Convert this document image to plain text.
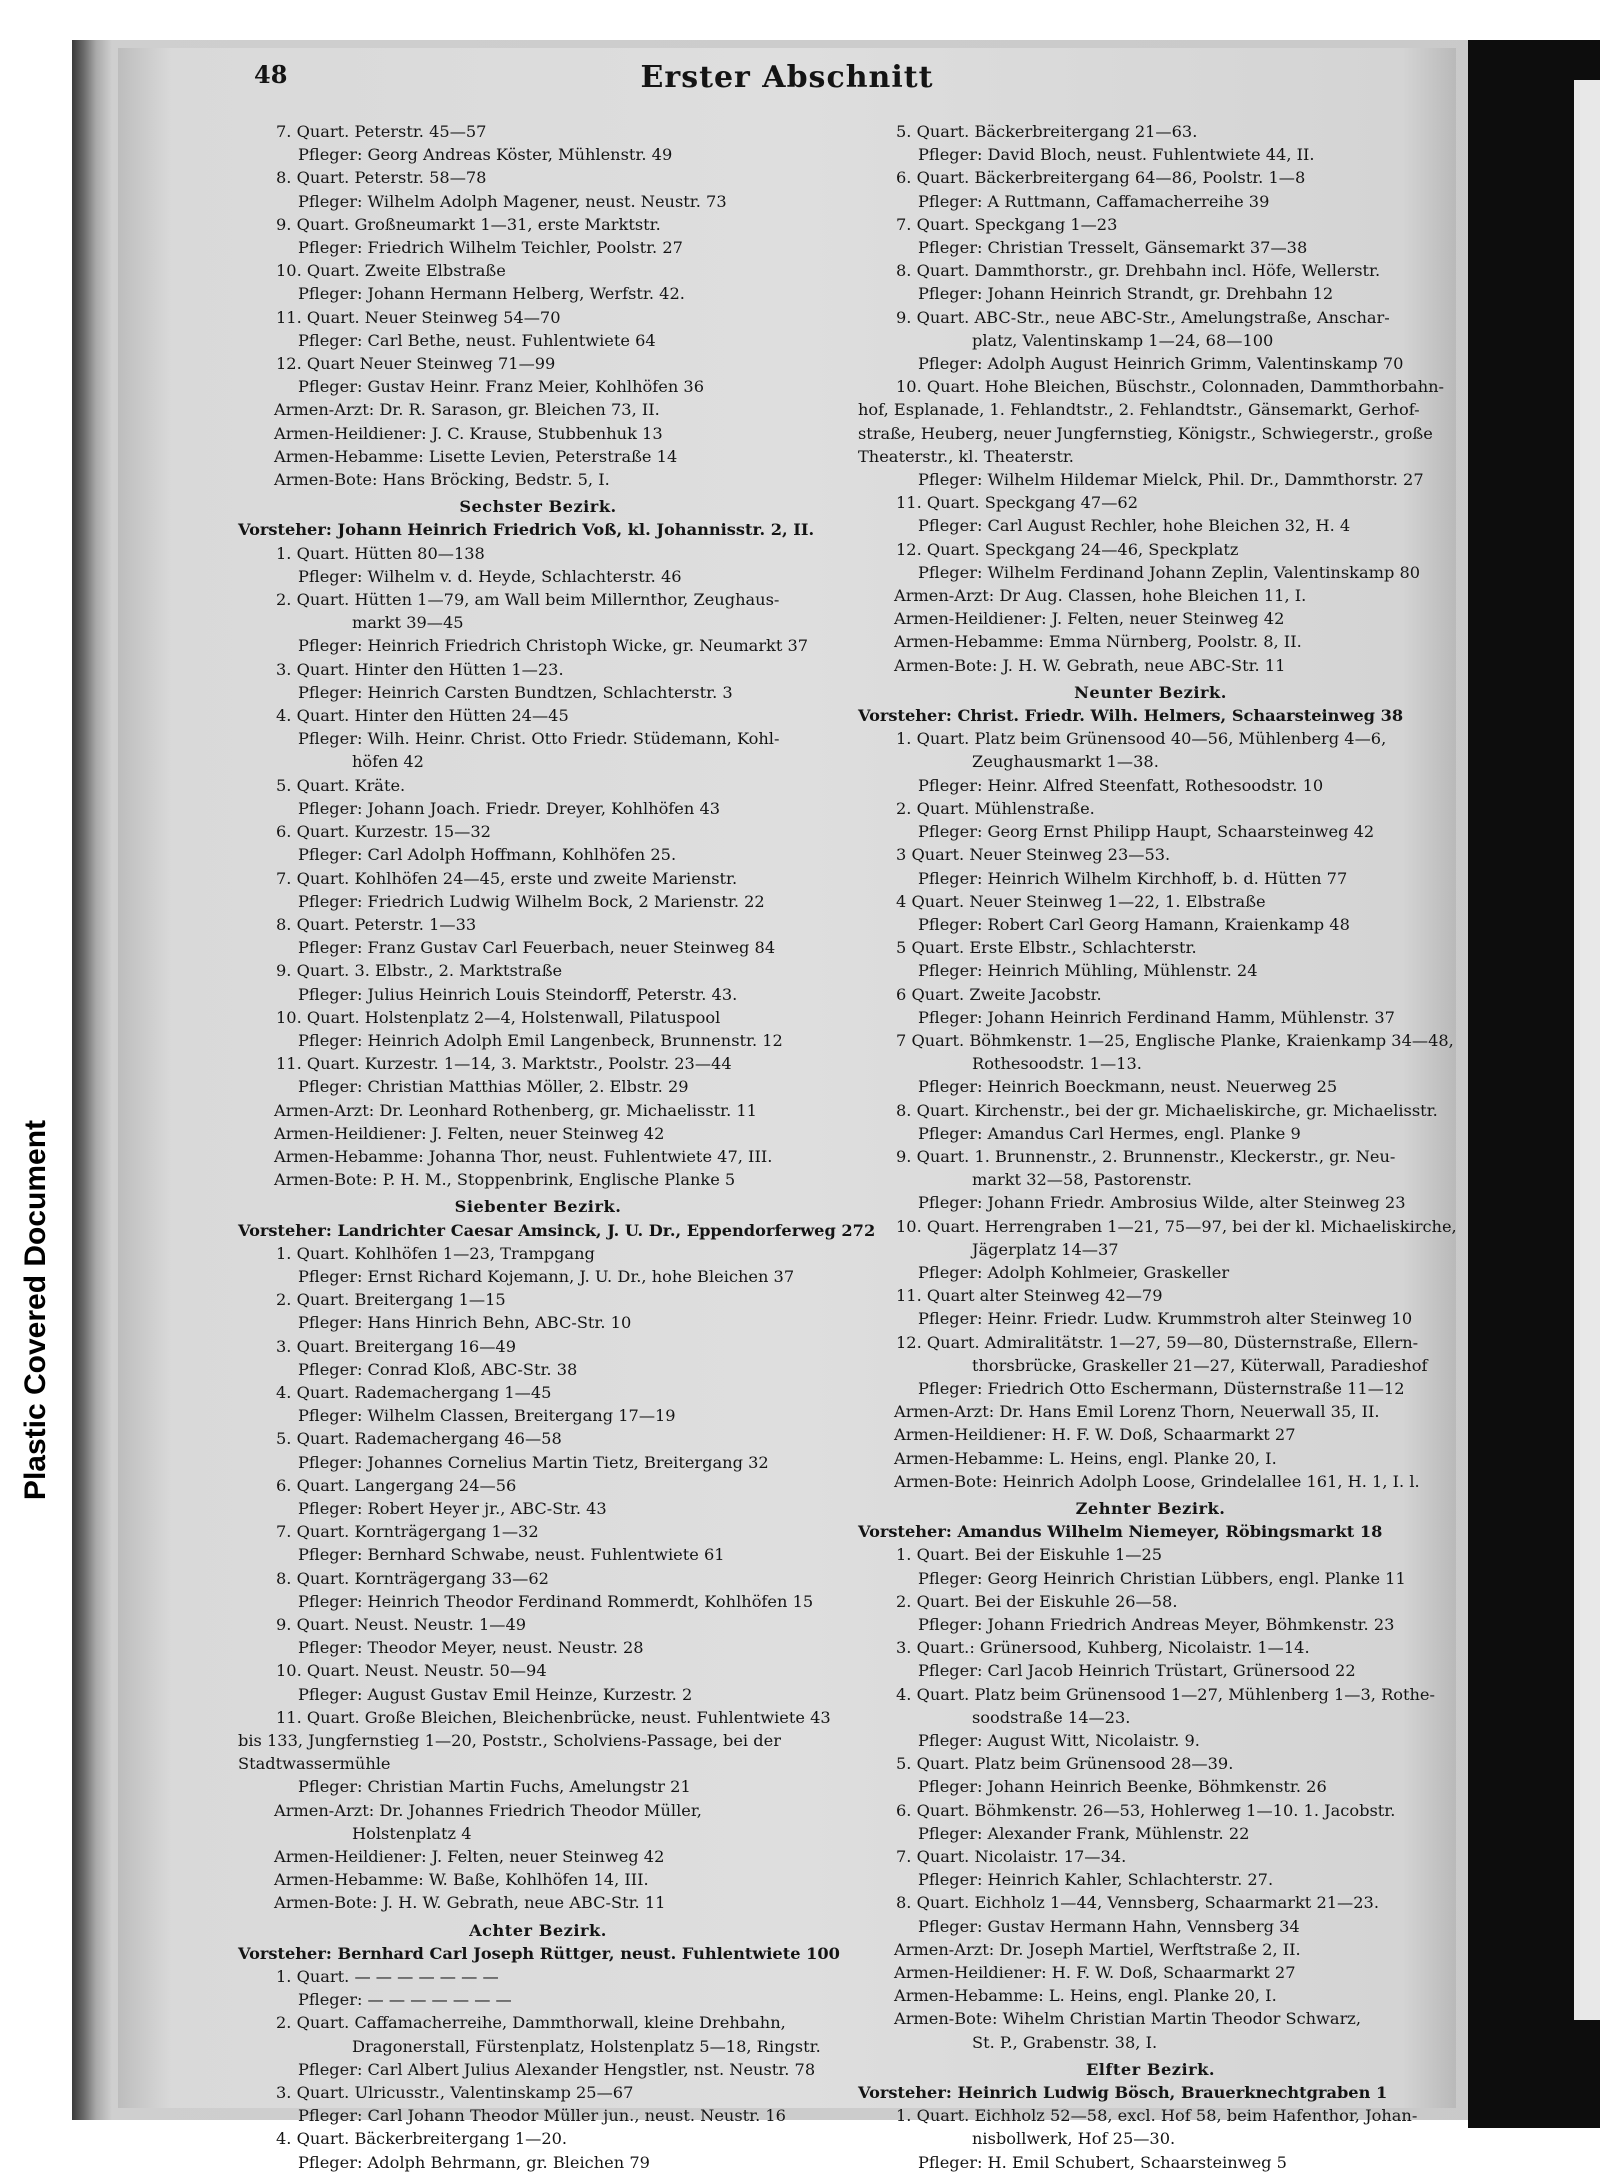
Plastic Covered Document
48	Erster Abschnitt
7. Quart. Peterstr. 45—57
Pfleger: Georg Andreas Köster, Mühlenstr. 49
8. Quart. Peterstr. 58—78
Pfleger: Wilhelm Adolph Magener, neust. Neustr. 73
9. Quart. Großneumarkt 1—31, erste Marktstr.
Pfleger: Friedrich Wilhelm Teichler, Poolstr. 27
10. Quart. Zweite Elbstraße
Pfleger: Johann Hermann Helberg, Werfstr. 42.
11. Quart. Neuer Steinweg 54—70
Pfleger: Carl Bethe, neust. Fuhlentwiete 64
12. Quart Neuer Steinweg 71—99
Pfleger: Gustav Heinr. Franz Meier, Kohlhöfen 36
Armen-Arzt: Dr. R. Sarason, gr. Bleichen 73, II.
Armen-Heildiener: J. C. Krause, Stubbenhuk 13
Armen-Hebamme: Lisette Levien, Peterstraße 14
Armen-Bote: Hans Bröcking, Bedstr. 5, I.
Sechster Bezirk.
Vorsteher: Johann Heinrich Friedrich Voß, kl. Johannisstr. 2, II.
1. Quart. Hütten 80—138
Pfleger: Wilhelm v. d. Heyde, Schlachterstr. 46
2. Quart. Hütten 1—79, am Wall beim Millernthor, Zeughaus-
markt 39—45
Pfleger: Heinrich Friedrich Christoph Wicke, gr. Neumarkt 37
3. Quart. Hinter den Hütten 1—23.
Pfleger: Heinrich Carsten Bundtzen, Schlachterstr. 3
4. Quart. Hinter den Hütten 24—45
Pfleger: Wilh. Heinr. Christ. Otto Friedr. Stüdemann, Kohl-
höfen 42
5. Quart. Kräte.
Pfleger: Johann Joach. Friedr. Dreyer, Kohlhöfen 43
6. Quart. Kurzestr. 15—32
Pfleger: Carl Adolph Hoffmann, Kohlhöfen 25.
7. Quart. Kohlhöfen 24—45, erste und zweite Marienstr.
Pfleger: Friedrich Ludwig Wilhelm Bock, 2 Marienstr. 22
8. Quart. Peterstr. 1—33
Pfleger: Franz Gustav Carl Feuerbach, neuer Steinweg 84
9. Quart. 3. Elbstr., 2. Marktstraße
Pfleger: Julius Heinrich Louis Steindorff, Peterstr. 43.
10. Quart. Holstenplatz 2—4, Holstenwall, Pilatuspool
Pfleger: Heinrich Adolph Emil Langenbeck, Brunnenstr. 12
11. Quart. Kurzestr. 1—14, 3. Marktstr., Poolstr. 23—44
Pfleger: Christian Matthias Möller, 2. Elbstr. 29
Armen-Arzt: Dr. Leonhard Rothenberg, gr. Michaelisstr. 11
Armen-Heildiener: J. Felten, neuer Steinweg 42
Armen-Hebamme: Johanna Thor, neust. Fuhlentwiete 47, III.
Armen-Bote: P. H. M., Stoppenbrink, Englische Planke 5
Siebenter Bezirk.
Vorsteher: Landrichter Caesar Amsinck, J. U. Dr., Eppendorferweg 272
1. Quart. Kohlhöfen 1—23, Trampgang
Pfleger: Ernst Richard Kojemann, J. U. Dr., hohe Bleichen 37
2. Quart. Breitergang 1—15
Pfleger: Hans Hinrich Behn, ABC-Str. 10
3. Quart. Breitergang 16—49
Pfleger: Conrad Kloß, ABC-Str. 38
4. Quart. Rademachergang 1—45
Pfleger: Wilhelm Classen, Breitergang 17—19
5. Quart. Rademachergang 46—58
Pfleger: Johannes Cornelius Martin Tietz, Breitergang 32
6. Quart. Langergang 24—56
Pfleger: Robert Heyer jr., ABC-Str. 43
7. Quart. Kornträgergang 1—32
Pfleger: Bernhard Schwabe, neust. Fuhlentwiete 61
8. Quart. Kornträgergang 33—62
Pfleger: Heinrich Theodor Ferdinand Rommerdt, Kohlhöfen 15
9. Quart. Neust. Neustr. 1—49
Pfleger: Theodor Meyer, neust. Neustr. 28
10. Quart. Neust. Neustr. 50—94
Pfleger: August Gustav Emil Heinze, Kurzestr. 2
11. Quart. Große Bleichen, Bleichenbrücke, neust. Fuhlentwiete 43
bis 133, Jungfernstieg 1—20, Poststr., Scholviens-Passage, bei der
Stadtwassermühle
Pfleger: Christian Martin Fuchs, Amelungstr 21
Armen-Arzt: Dr. Johannes Friedrich Theodor Müller,
Holstenplatz 4
Armen-Heildiener: J. Felten, neuer Steinweg 42
Armen-Hebamme: W. Baße, Kohlhöfen 14, III.
Armen-Bote: J. H. W. Gebrath, neue ABC-Str. 11
Achter Bezirk.
Vorsteher: Bernhard Carl Joseph Rüttger, neust. Fuhlentwiete 100
1. Quart. — — — — — — —
Pfleger: — — — — — — —
2. Quart. Caffamacherreihe, Dammthorwall, kleine Drehbahn,
Dragonerstall, Fürstenplatz, Holstenplatz 5—18, Ringstr.
Pfleger: Carl Albert Julius Alexander Hengstler, nst. Neustr. 78
3. Quart. Ulricusstr., Valentinskamp 25—67
Pfleger: Carl Johann Theodor Müller jun., neust. Neustr. 16
4. Quart. Bäckerbreitergang 1—20.
Pfleger: Adolph Behrmann, gr. Bleichen 79
5. Quart. Bäckerbreitergang 21—63.
Pfleger: David Bloch, neust. Fuhlentwiete 44, II.
6. Quart. Bäckerbreitergang 64—86, Poolstr. 1—8
Pfleger: A Ruttmann, Caffamacherreihe 39
7. Quart. Speckgang 1—23
Pfleger: Christian Tresselt, Gänsemarkt 37—38
8. Quart. Dammthorstr., gr. Drehbahn incl. Höfe, Wellerstr.
Pfleger: Johann Heinrich Strandt, gr. Drehbahn 12
9. Quart. ABC-Str., neue ABC-Str., Amelungstraße, Anschar-
platz, Valentinskamp 1—24, 68—100
Pfleger: Adolph August Heinrich Grimm, Valentinskamp 70
10. Quart. Hohe Bleichen, Büschstr., Colonnaden, Dammthorbahn-
hof, Esplanade, 1. Fehlandtstr., 2. Fehlandtstr., Gänsemarkt, Gerhof-
straße, Heuberg, neuer Jungfernstieg, Königstr., Schwiegerstr., große
Theaterstr., kl. Theaterstr.
Pfleger: Wilhelm Hildemar Mielck, Phil. Dr., Dammthorstr. 27
11. Quart. Speckgang 47—62
Pfleger: Carl August Rechler, hohe Bleichen 32, H. 4
12. Quart. Speckgang 24—46, Speckplatz
Pfleger: Wilhelm Ferdinand Johann Zeplin, Valentinskamp 80
Armen-Arzt: Dr Aug. Classen, hohe Bleichen 11, I.
Armen-Heildiener: J. Felten, neuer Steinweg 42
Armen-Hebamme: Emma Nürnberg, Poolstr. 8, II.
Armen-Bote: J. H. W. Gebrath, neue ABC-Str. 11
Neunter Bezirk.
Vorsteher: Christ. Friedr. Wilh. Helmers, Schaarsteinweg 38
1. Quart. Platz beim Grünensood 40—56, Mühlenberg 4—6,
Zeughausmarkt 1—38.
Pfleger: Heinr. Alfred Steenfatt, Rothesoodstr. 10
2. Quart. Mühlenstraße.
Pfleger: Georg Ernst Philipp Haupt, Schaarsteinweg 42
3 Quart. Neuer Steinweg 23—53.
Pfleger: Heinrich Wilhelm Kirchhoff, b. d. Hütten 77
4 Quart. Neuer Steinweg 1—22, 1. Elbstraße
Pfleger: Robert Carl Georg Hamann, Kraienkamp 48
5 Quart. Erste Elbstr., Schlachterstr.
Pfleger: Heinrich Mühling, Mühlenstr. 24
6 Quart. Zweite Jacobstr.
Pfleger: Johann Heinrich Ferdinand Hamm, Mühlenstr. 37
7 Quart. Böhmkenstr. 1—25, Englische Planke, Kraienkamp 34—48,
Rothesoodstr. 1—13.
Pfleger: Heinrich Boeckmann, neust. Neuerweg 25
8. Quart. Kirchenstr., bei der gr. Michaeliskirche, gr. Michaelisstr.
Pfleger: Amandus Carl Hermes, engl. Planke 9
9. Quart. 1. Brunnenstr., 2. Brunnenstr., Kleckerstr., gr. Neu-
markt 32—58, Pastorenstr.
Pfleger: Johann Friedr. Ambrosius Wilde, alter Steinweg 23
10. Quart. Herrengraben 1—21, 75—97, bei der kl. Michaeliskirche,
Jägerplatz 14—37
Pfleger: Adolph Kohlmeier, Graskeller
11. Quart alter Steinweg 42—79
Pfleger: Heinr. Friedr. Ludw. Krummstroh alter Steinweg 10
12. Quart. Admiralitätstr. 1—27, 59—80, Düsternstraße, Ellern-
thorsbrücke, Graskeller 21—27, Küterwall, Paradieshof
Pfleger: Friedrich Otto Eschermann, Düsternstraße 11—12
Armen-Arzt: Dr. Hans Emil Lorenz Thorn, Neuerwall 35, II.
Armen-Heildiener: H. F. W. Doß, Schaarmarkt 27
Armen-Hebamme: L. Heins, engl. Planke 20, I.
Armen-Bote: Heinrich Adolph Loose, Grindelallee 161, H. 1, I. l.
Zehnter Bezirk.
Vorsteher: Amandus Wilhelm Niemeyer, Röbingsmarkt 18
1. Quart. Bei der Eiskuhle 1—25
Pfleger: Georg Heinrich Christian Lübbers, engl. Planke 11
2. Quart. Bei der Eiskuhle 26—58.
Pfleger: Johann Friedrich Andreas Meyer, Böhmkenstr. 23
3. Quart.: Grünersood, Kuhberg, Nicolaistr. 1—14.
Pfleger: Carl Jacob Heinrich Trüstart, Grünersood 22
4. Quart. Platz beim Grünensood 1—27, Mühlenberg 1—3, Rothe-
soodstraße 14—23.
Pfleger: August Witt, Nicolaistr. 9.
5. Quart. Platz beim Grünensood 28—39.
Pfleger: Johann Heinrich Beenke, Böhmkenstr. 26
6. Quart. Böhmkenstr. 26—53, Hohlerweg 1—10. 1. Jacobstr.
Pfleger: Alexander Frank, Mühlenstr. 22
7. Quart. Nicolaistr. 17—34.
Pfleger: Heinrich Kahler, Schlachterstr. 27.
8. Quart. Eichholz 1—44, Vennsberg, Schaarmarkt 21—23.
Pfleger: Gustav Hermann Hahn, Vennsberg 34
Armen-Arzt: Dr. Joseph Martiel, Werftstraße 2, II.
Armen-Heildiener: H. F. W. Doß, Schaarmarkt 27
Armen-Hebamme: L. Heins, engl. Planke 20, I.
Armen-Bote: Wihelm Christian Martin Theodor Schwarz,
St. P., Grabenstr. 38, I.
Elfter Bezirk.
Vorsteher: Heinrich Ludwig Bösch, Brauerknechtgraben 1
1. Quart. Eichholz 52—58, excl. Hof 58, beim Hafenthor, Johan-
nisbollwerk, Hof 25—30.
Pfleger: H. Emil Schubert, Schaarsteinweg 5
